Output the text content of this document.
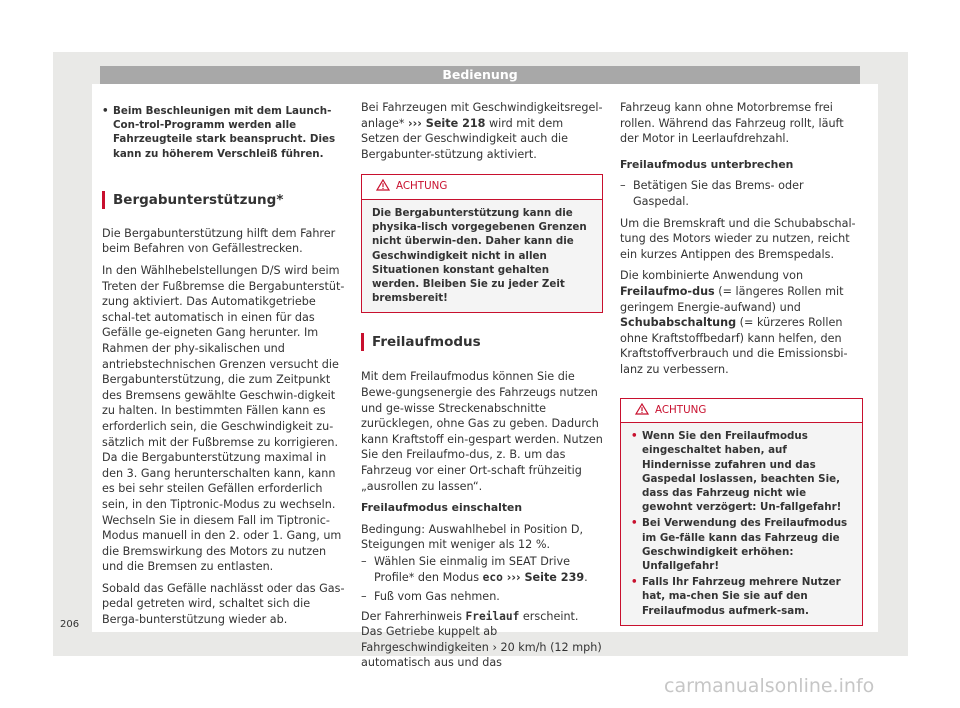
Bedienung
• Beim Beschleunigen mit dem Launch-Con-trol-Programm werden alle Fahrzeugteile stark beansprucht. Dies kann zu höherem Verschleiß führen.
Bergabunterstützung*

Die Bergabunterstützung hilft dem Fahrer beim Befahren von Gefällestrecken.

In den Wählhebelstellungen D/S wird beim Treten der Fußbremse die Bergabunterstüt-zung aktiviert. Das Automatikgetriebe schal-tet automatisch in einen für das Gefälle ge-eigneten Gang herunter. Im Rahmen der phy-sikalischen und antriebstechnischen Grenzen versucht die Bergabunterstützung, die zum Zeitpunkt des Bremsens gewählte Geschwin-digkeit zu halten. In bestimmten Fällen kann es erforderlich sein, die Geschwindigkeit zu-sätzlich mit der Fußbremse zu korrigieren. Da die Bergabunterstützung maximal in den 3. Gang herunterschalten kann, kann es bei sehr steilen Gefällen erforderlich sein, in den Tiptronic-Modus zu wechseln. Wechseln Sie in diesem Fall im Tiptronic-Modus manuell in den 2. oder 1. Gang, um die Bremswirkung des Motors zu nutzen und die Bremsen zu entlasten.

Sobald das Gefälle nachlässt oder das Gas-pedal getreten wird, schaltet sich die Berga-bunterstützung wieder ab.

Bei Fahrzeugen mit Geschwindigkeitsregel-anlage* ››› Seite 218 wird mit dem Setzen der Geschwindigkeit auch die Bergabunter-stützung aktiviert.

ACHTUNG
Die Bergabunterstützung kann die physika-lisch vorgegebenen Grenzen nicht überwin-den. Daher kann die Geschwindigkeit nicht in allen Situationen konstant gehalten werden. Bleiben Sie zu jeder Zeit bremsbereit!
Freilaufmodus

Mit dem Freilaufmodus können Sie die Bewe-gungsenergie des Fahrzeugs nutzen und ge-wisse Streckenabschnitte zurücklegen, ohne Gas zu geben. Dadurch kann Kraftstoff ein-gespart werden. Nutzen Sie den Freilaufmo-dus, z. B. um das Fahrzeug vor einer Ort-schaft frühzeitig „ausrollen zu lassen“.

Freilaufmodus einschalten

Bedingung: Auswahlhebel in Position D, Steigungen mit weniger als 12 %.

– Wählen Sie einmalig im SEAT Drive Profile* den Modus eco ››› Seite 239.
– Fuß vom Gas nehmen.

Der Fahrerhinweis Freilauf erscheint. Das Getriebe kuppelt ab Fahrgeschwindigkeiten › 20 km/h (12 mph) automatisch aus und das

Fahrzeug kann ohne Motorbremse frei rollen. Während das Fahrzeug rollt, läuft der Motor in Leerlaufdrehzahl.

Freilaufmodus unterbrechen

– Betätigen Sie das Brems- oder Gaspedal.

Um die Bremskraft und die Schubabschal-tung des Motors wieder zu nutzen, reicht ein kurzes Antippen des Bremspedals.

Die kombinierte Anwendung von Freilaufmo-dus (= längeres Rollen mit geringem Energie-aufwand) und Schubabschaltung (= kürzeres Rollen ohne Kraftstoffbedarf) kann helfen, den Kraftstoffverbrauch und die Emissionsbi-lanz zu verbessern.

ACHTUNG
• Wenn Sie den Freilaufmodus eingeschaltet haben, auf Hindernisse zufahren und das Gaspedal loslassen, beachten Sie, dass das Fahrzeug nicht wie gewohnt verzögert: Un-fallgefahr!
• Bei Verwendung des Freilaufmodus im Ge-fälle kann das Fahrzeug die Geschwindigkeit erhöhen: Unfallgefahr!
• Falls Ihr Fahrzeug mehrere Nutzer hat, ma-chen Sie sie auf den Freilaufmodus aufmerk-sam.
206
carmanualsonline.info
